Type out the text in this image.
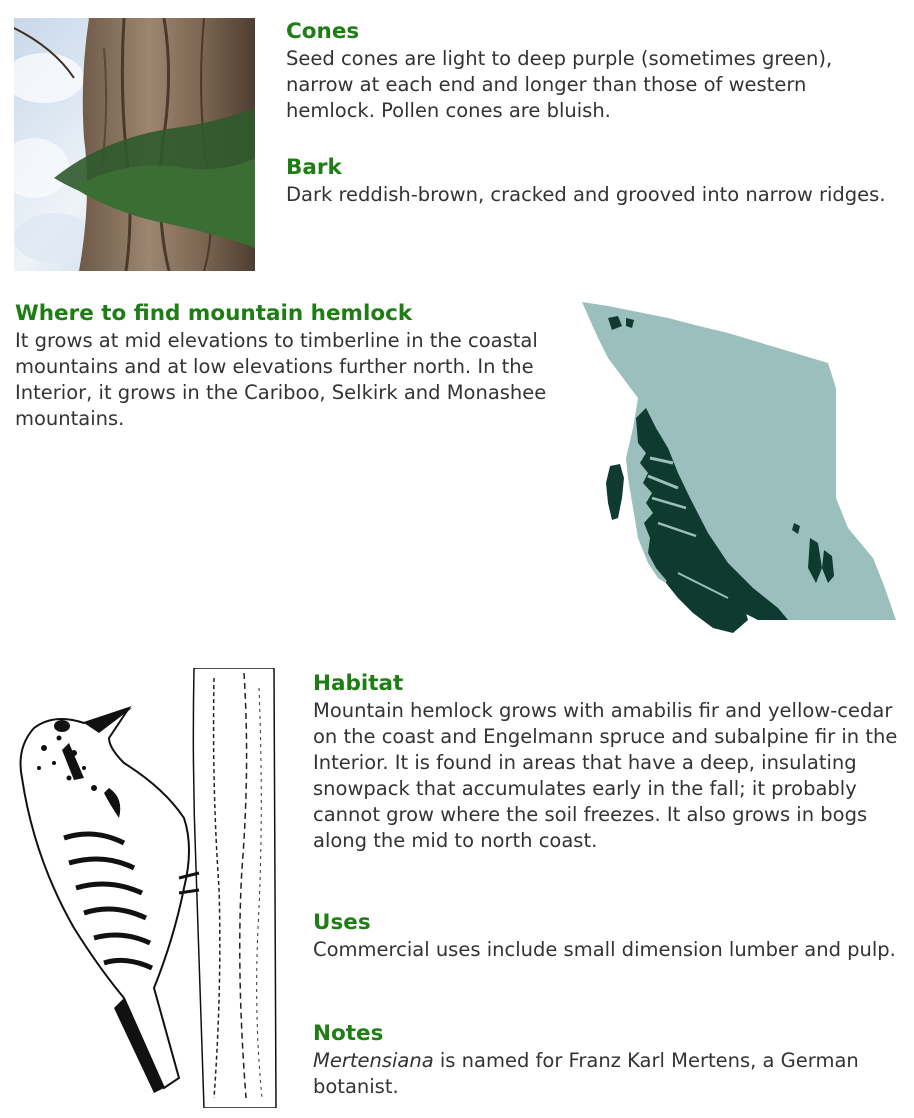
Cones

Seed cones are light to deep purple (sometimes green), narrow at each end and longer than those of western hemlock. Pollen cones are bluish.

Bark

Dark reddish-brown, cracked and grooved into narrow ridges.

Where to find mountain hemlock

It grows at mid elevations to timberline in the coastal mountains and at low elevations further north. In the Interior, it grows in the Cariboo, Selkirk and Monashee mountains.

Habitat

Mountain hemlock grows with amabilis fir and yellow-cedar on the coast and Engelmann spruce and subalpine fir in the Interior. It is found in areas that have a deep, insulating snowpack that accumulates early in the fall; it probably cannot grow where the soil freezes. It also grows in bogs along the mid to north coast.

Uses

Commercial uses include small dimension lumber and pulp.

Notes

Mertensiana is named for Franz Karl Mertens, a German botanist.
